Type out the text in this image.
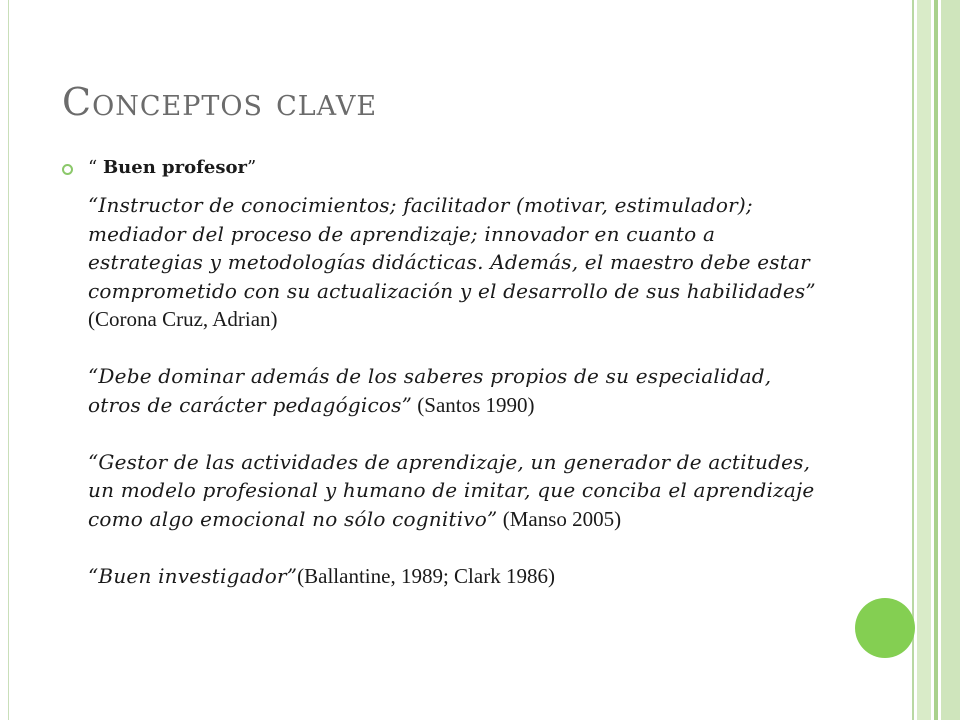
Conceptos clave
“ Buen profesor”

“Instructor de conocimientos; facilitador (motivar, estimulador); mediador del proceso de aprendizaje; innovador en cuanto a estrategias y metodologías didácticas. Además, el maestro debe estar comprometido con su actualización y el desarrollo de sus habilidades” (Corona Cruz, Adrian)

“Debe dominar además de los saberes propios de su especialidad, otros de carácter pedagógicos” (Santos 1990)

“Gestor de las actividades de aprendizaje, un generador de actitudes, un modelo profesional y humano de imitar, que conciba el aprendizaje como algo emocional no sólo cognitivo” (Manso 2005)

“Buen investigador”(Ballantine, 1989; Clark 1986)
